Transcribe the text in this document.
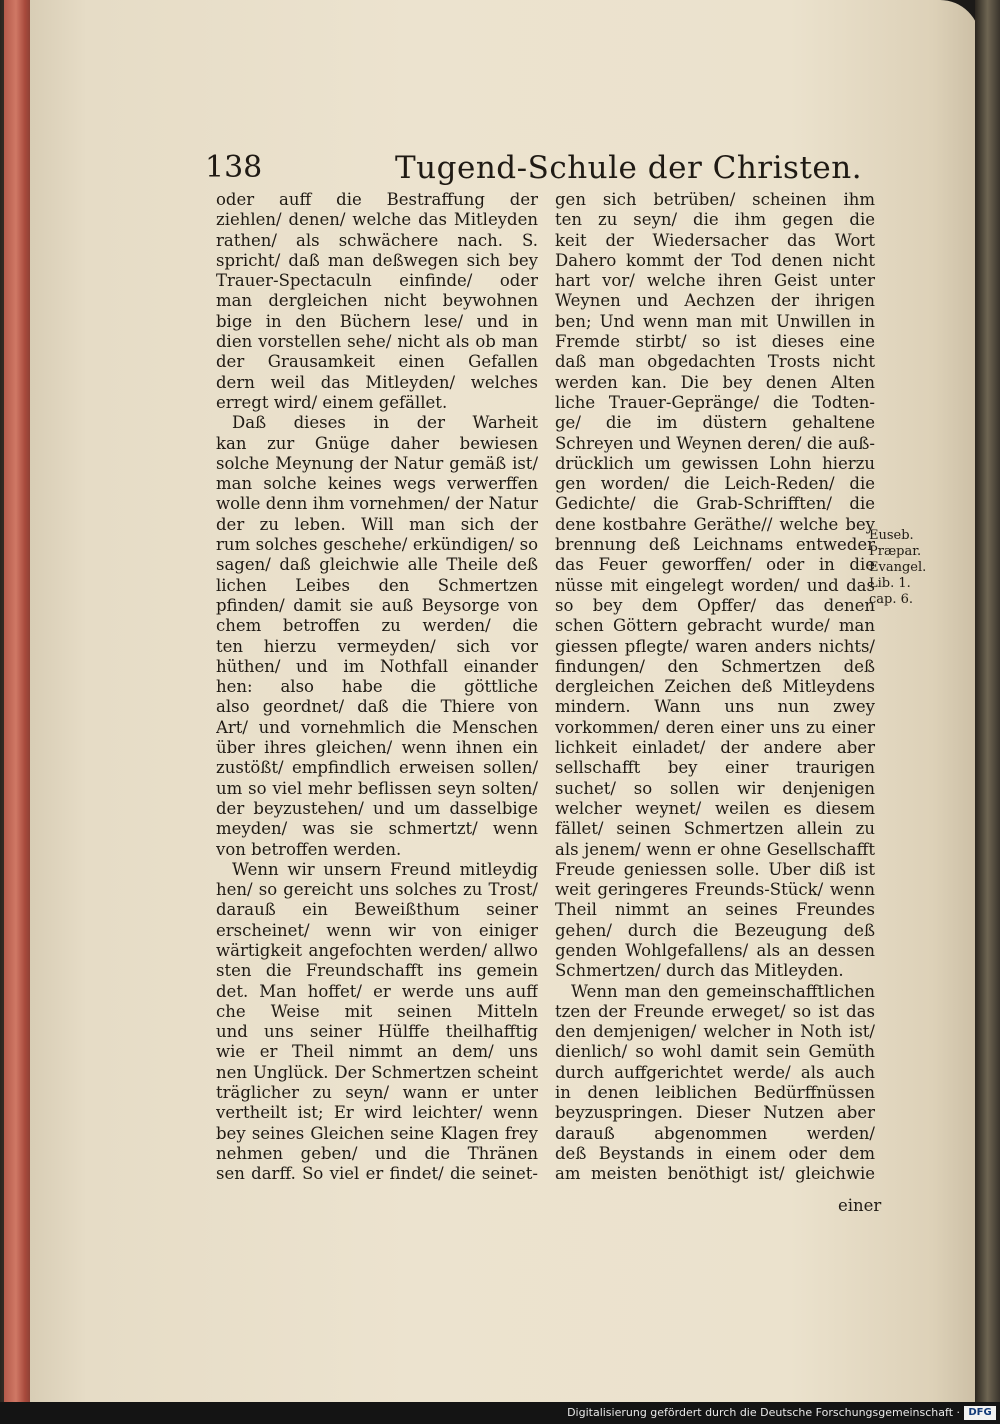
138	Tugend-Schule der Christen.
oder auff die Bestraffung der
ziehlen/ denen/ welche das Mitleyden
rathen/ als schwächere nach. S.
spricht/ daß man deßwegen sich bey
Trauer-Spectaculn einfinde/ oder
man dergleichen nicht beywohnen
bige in den Büchern lese/ und in
dien vorstellen sehe/ nicht als ob man
der Grausamkeit einen Gefallen
dern weil das Mitleyden/ welches
erregt wird/ einem gefället.
Daß dieses in der Warheit
kan zur Gnüge daher bewiesen
solche Meynung der Natur gemäß ist/
man solche keines wegs verwerffen
wolle denn ihm vornehmen/ der Natur
der zu leben. Will man sich der
rum solches geschehe/ erkündigen/ so
sagen/ daß gleichwie alle Theile deß
lichen Leibes den Schmertzen
pfinden/ damit sie auß Beysorge von
chem betroffen zu werden/ die
ten hierzu vermeyden/ sich vor
hüthen/ und im Nothfall einander
hen: also habe die göttliche
also geordnet/ daß die Thiere von
Art/ und vornehmlich die Menschen
über ihres gleichen/ wenn ihnen ein
zustößt/ empfindlich erweisen sollen/
um so viel mehr beflissen seyn solten/
der beyzustehen/ und um dasselbige
meyden/ was sie schmertzt/ wenn
von betroffen werden.
Wenn wir unsern Freund mitleydig
hen/ so gereicht uns solches zu Trost/
darauß ein Beweißthum seiner
erscheinet/ wenn wir von einiger
wärtigkeit angefochten werden/ allwo
sten die Freundschafft ins gemein
det. Man hoffet/ er werde uns auff
che Weise mit seinen Mitteln
und uns seiner Hülffe theilhafftig
wie er Theil nimmt an dem/ uns
nen Unglück. Der Schmertzen scheint
träglicher zu seyn/ wann er unter
vertheilt ist; Er wird leichter/ wenn
bey seines Gleichen seine Klagen frey
nehmen geben/ und die Thränen
sen darff. So viel er findet/ die seinet-
gen sich betrüben/ scheinen ihm
ten zu seyn/ die ihm gegen die
keit der Wiedersacher das Wort
Dahero kommt der Tod denen nicht
hart vor/ welche ihren Geist unter
Weynen und Aechzen der ihrigen
ben; Und wenn man mit Unwillen in
Fremde stirbt/ so ist dieses eine
daß man obgedachten Trosts nicht
werden kan. Die bey denen Alten
liche Trauer-Gepränge/ die Todten-
ge/ die im düstern gehaltene
Schreyen und Weynen deren/ die auß-
drücklich um gewissen Lohn hierzu
gen worden/ die Leich-Reden/ die
Gedichte/ die Grab-Schrifften/ die
dene kostbahre Geräthe// welche bey
brennung deß Leichnams entweder
das Feuer geworffen/ oder in die
nüsse mit eingelegt worden/ und das
so bey dem Opffer/ das denen
schen Göttern gebracht wurde/ man
giessen pflegte/ waren anders nichts/
findungen/ den Schmertzen deß
dergleichen Zeichen deß Mitleydens
mindern. Wann uns nun zwey
vorkommen/ deren einer uns zu einer
lichkeit einladet/ der andere aber
sellschafft bey einer traurigen
suchet/ so sollen wir denjenigen
welcher weynet/ weilen es diesem
fället/ seinen Schmertzen allein zu
als jenem/ wenn er ohne Gesellschafft
Freude geniessen solle. Uber diß ist
weit geringeres Freunds-Stück/ wenn
Theil nimmt an seines Freundes
gehen/ durch die Bezeugung deß
genden Wohlgefallens/ als an dessen
Schmertzen/ durch das Mitleyden.
Wenn man den gemeinschafftlichen
tzen der Freunde erweget/ so ist das
den demjenigen/ welcher in Noth ist/
dienlich/ so wohl damit sein Gemüth
durch auffgerichtet werde/ als auch
in denen leiblichen Bedürffnüssen
beyzuspringen. Dieser Nutzen aber
darauß abgenommen werden/
deß Beystands in einem oder dem
am meisten benöthigt ist/ gleichwie
Euseb.
Præpar.
Evangel.
Lib. 1.
cap. 6.
einer
Digitalisierung gefördert durch die Deutsche Forschungsgemeinschaft · DFG
